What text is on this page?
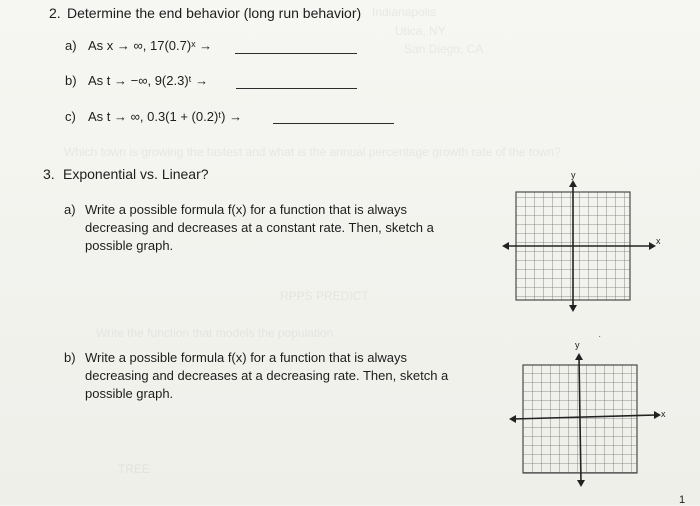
Indianapolis
Utica, NY
San Diego, CA
Which town is growing the fastest and what is the annual percentage growth rate of the town?
RPPS PREDICT
Write the function that models the population
TREE
2. Determine the end behavior (long run behavior)
a) As x → ∞, 17(0.7)ˣ →
b) As t → −∞, 9(2.3)ᵗ →
c) As t → ∞, 0.3(1 + (0.2)ᵗ) →
3. Exponential vs. Linear?
a) Write a possible formula f(x) for a function that is always
decreasing and decreases at a constant rate. Then, sketch a
possible graph.
b) Write a possible formula f(x) for a function that is always
decreasing and decreases at a decreasing rate. Then, sketch a
possible graph.
y
x
y
x
·
1
